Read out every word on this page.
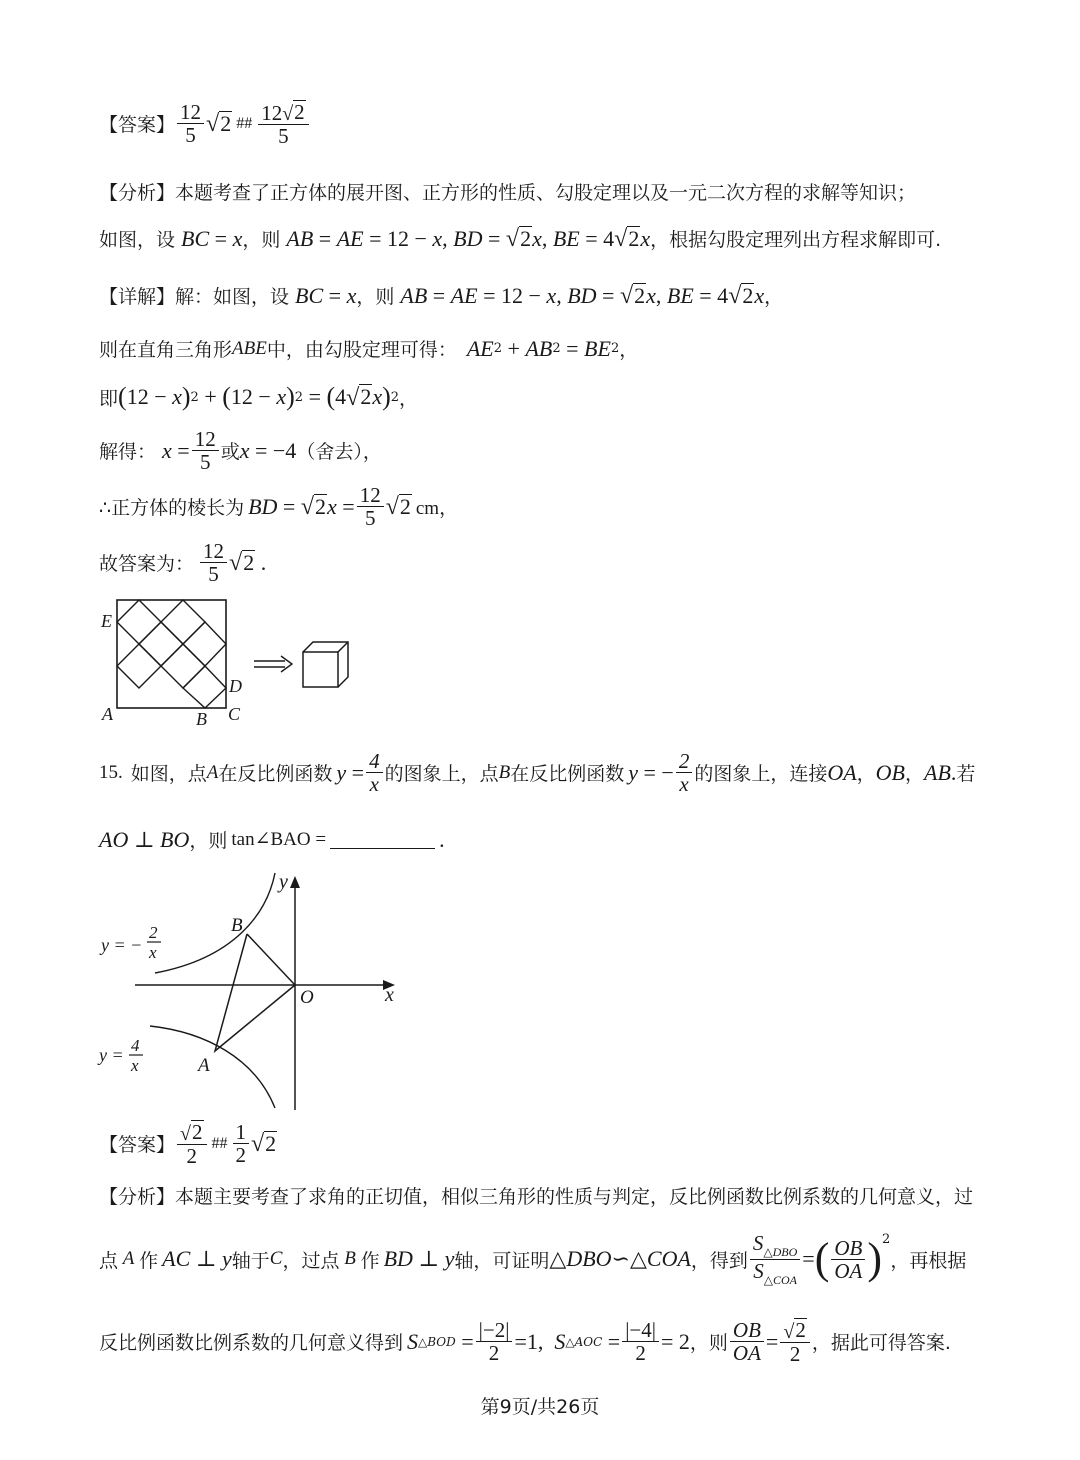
【答案】 $\frac{12}{5}$ √ 2 ## $\frac{12 √ 2}{5}$
【分析】 本题考查了正方体的展开图、正方形的性质、勾股定理以及一元二次方程的求解等知识；
如图，设 BC = x ，则 AB = AE = 12 − x , BD = √ 2 x , BE = 4 √ 2 x ，根据勾股定理列出方程求解即可.
【详解】 解：如图，设 BC = x ，则 AB = AE = 12 − x , BD = √ 2 x , BE = 4 √ 2 x ，
则在直角三角形 ABE 中，由勾股定理可得： AE 2 + AB 2 = BE 2 ，
即 ( 12 − x ) 2 + ( 12 − x ) 2 = ( 4 √ 2 x ) 2 ，
解得： $x = \frac{12}{5}$ 或 x = −4 （舍去），
∴正方体的棱长为 BD = √ 2 $x = \frac{12}{5}$ √ 2 cm，
故答案为： $\frac{12}{5}$ √ 2 .
E
D
A	B C
15. 如图，点 A 在反比例函数 $y = \frac{4}{x}$ 的图象上，点 B 在反比例函数 y = − $\frac{2}{x}$ 的图象上，连接 OA ， OB ， AB . 若
AO ⊥ BO ，则 tan∠BAO =	.
y
x
O
B
A
y = −
2
x
y = 4
x
【答案】 $\frac{√ 2}{2}$ ## $\frac{1}{2}$ √ 2
【分析】 本题主要考查了求角的正切值，相似三角形的性质与判定，反比例函数比例系数的几何意义，过
点 A 作 AC ⊥ y 轴于 C ，过点 B 作 BD ⊥ y 轴，可证明 △ DBO ∽△ COA ，得到 $\frac{S_{\triangle DBO}}{S_{\triangle COA}}$ = ( $\frac{OB}{OA} )^2$
，再根据
反比例函数比例系数的几何意义得到 S △BOD = $\frac{|-2|}{2} =1$, S △AOC = $\frac{|-4|}{2} = 2$ ，则 $\frac{OB}{OA} = \frac{√ 2}{2}$ ，据此可得答案.
第9页/共26页
